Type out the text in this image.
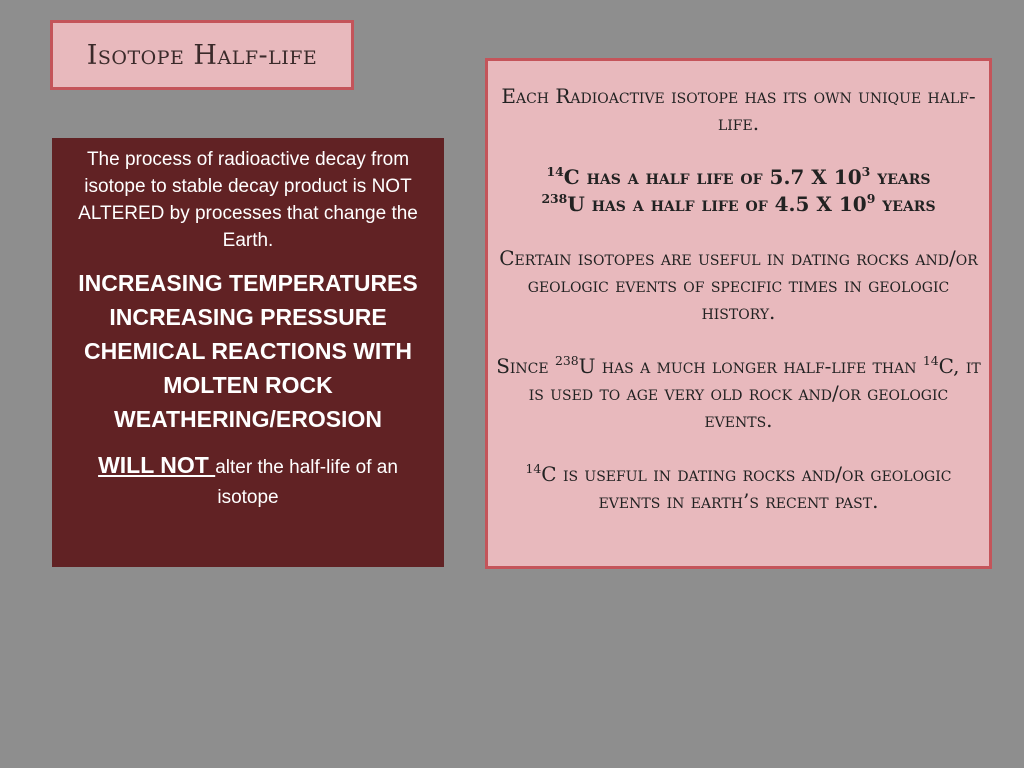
Isotope Half-life

The process of radioactive decay from isotope to stable decay product is NOT ALTERED by processes that change the Earth.

INCREASING TEMPERATURES
INCREASING PRESSURE
CHEMICAL REACTIONS WITH
MOLTEN ROCK
WEATHERING/EROSION

WILL NOT alter the half-life of an isotope

Each Radioactive isotope has its own unique half-life.

$^{14}$C has a half life of 5.7 X $10^3$ years
$^{238}$U has a half life of 4.5 X $10^9$ years

Certain isotopes are useful in dating rocks and/or geologic events of specific times in geologic history.

Since $^{238}$U has a much longer half-life than $^{14}$C, it is used to age very old rock and/or geologic events.

$^{14}$C is useful in dating rocks and/or geologic events in earth’s recent past.
